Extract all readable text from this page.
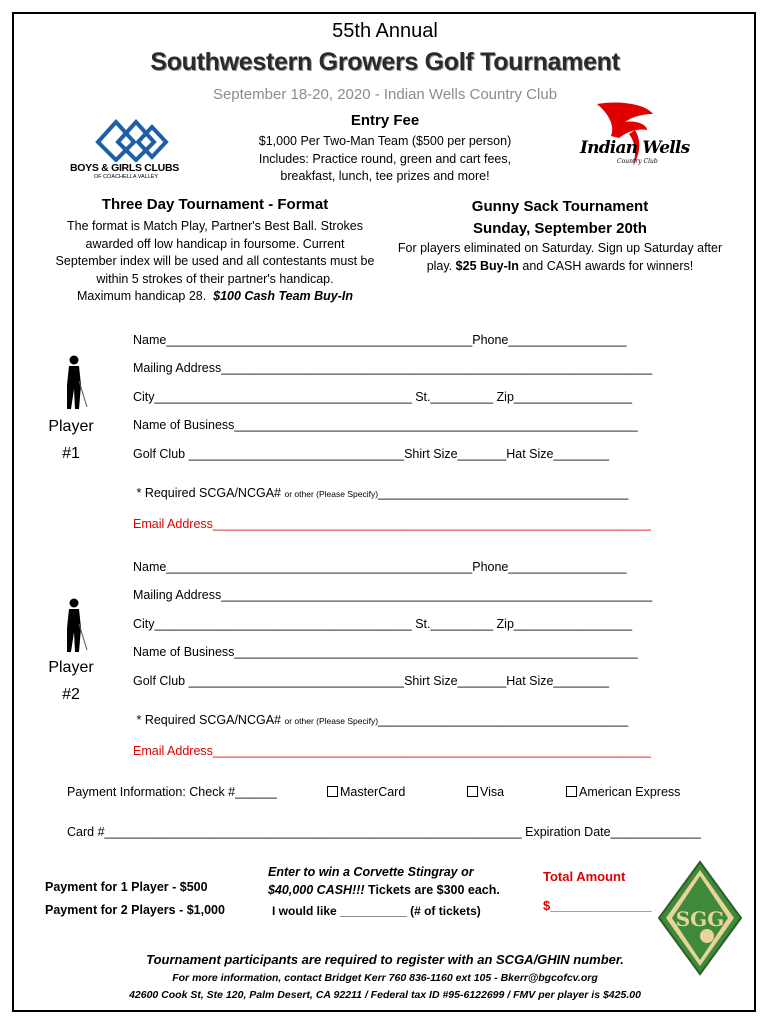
55th Annual
Southwestern Growers Golf Tournament
September 18-20, 2020 - Indian Wells Country Club
BOYS & GIRLS CLUBS
OF COACHELLA VALLEY
Indian Wells
Country Club
Entry Fee
$1,000 Per Two-Man Team ($500 per person)
Includes: Practice round, green and cart fees,
breakfast, lunch, tee prizes and more!
Three Day Tournament - Format
The format is Match Play, Partner's Best Ball. Strokes
awarded off low handicap in foursome. Current
September index will be used and all contestants must be
within 5 strokes of their partner's handicap.
Maximum handicap 28. $100 Cash Team Buy-In
Gunny Sack Tournament
Sunday, September 20th
For players eliminated on Saturday. Sign up Saturday after
play. $25 Buy-In and CASH awards for winners!
Player
#1
Name____________________________________________Phone_________________
Mailing Address______________________________________________________________
City_____________________________________ St._________ Zip_________________
Name of Business__________________________________________________________
Golf Club _______________________________Shirt Size_______Hat Size________
* Required SCGA/NCGA# or other (Please Specify)____________________________________
Email Address_______________________________________________________________
Player
#2
Name____________________________________________Phone_________________
Mailing Address______________________________________________________________
City_____________________________________ St._________ Zip_________________
Name of Business__________________________________________________________
Golf Club _______________________________Shirt Size_______Hat Size________
* Required SCGA/NCGA# or other (Please Specify)____________________________________
Email Address_______________________________________________________________
Payment Information: Check #______	MasterCard	Visa	American Express
Card #____________________________________________________________ Expiration Date_____________
Payment for 1 Player - $500
Payment for 2 Players - $1,000
Enter to win a Corvette Stingray or
$40,000 CASH!!! Tickets are $300 each.
I would like __________ (# of tickets)
Total Amount
$______________
SGG
Tournament participants are required to register with an SCGA/GHIN number.
For more information, contact Bridget Kerr 760 836-1160 ext 105 - Bkerr@bgcofcv.org
42600 Cook St, Ste 120, Palm Desert, CA 92211 / Federal tax ID #95-6122699 / FMV per player is $425.00
